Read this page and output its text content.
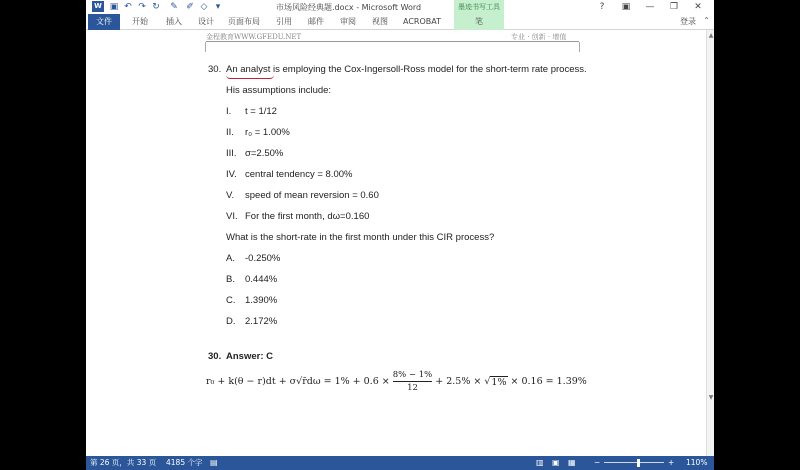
W ▣ ↶ ↷ ↻ ✎ ✐ ◇ ▾	市场风险经典题.docx - Microsoft Word	墨迹书写工具	?	▣	—	❐	✕
文件	开始	插入	设计	页面布局	引用	邮件	审阅	视图	ACROBAT	笔	登录 ⌃
金程教育WWW.GFEDU.NET	专业 · 创新 · 增值
30. An analyst is employing the Cox-Ingersoll-Ross model for the short-term rate process.
His assumptions include:
I. t = 1/12
II. r₀ = 1.00%
III. σ=2.50%
IV. central tendency = 8.00%
V. speed of mean reversion = 0.60
VI. For the first month, dω=0.160
What is the short-rate in the first month under this CIR process?
A. -0.250%
B. 0.444%
C. 1.390%
D. 2.172%
30. Answer: C
r₀ + k(θ − r)dt + σ√r̄dω = $1\% + 0.6 \times \frac{8\% - 1\%}{12} + 2.5\%$ × √ 1% × 0.16 = 1.39%
▲
▼
第 26 页，共 33 页 4185 个字 ▤	▥ ▣ ▦ −	+ 110%
